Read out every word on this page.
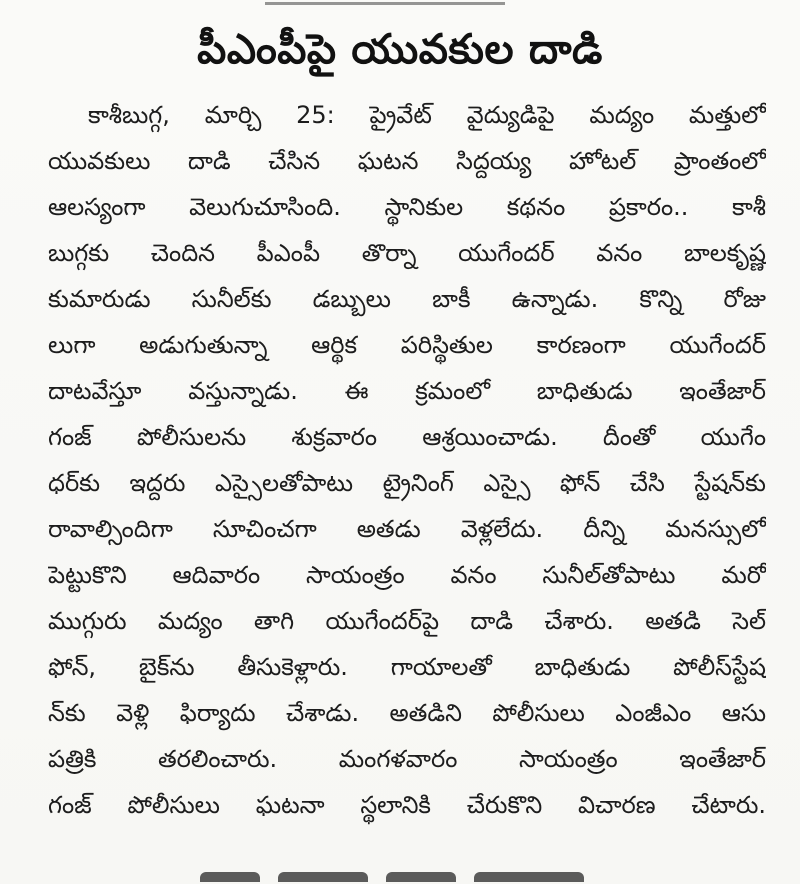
పీఎంపీపై యువకుల దాడి
కాశీబుగ్గ, మార్చి 25: ప్రైవేట్ వైద్యుడిపై మద్యం మత్తులో
యువకులు దాడి చేసిన ఘటన సిద్దయ్య హోటల్ ప్రాంతంలో
ఆలస్యంగా వెలుగుచూసింది. స్థానికుల కథనం ప్రకారం.. కాశీ
బుగ్గకు చెందిన పీఎంపీ తొర్నా యుగేందర్ వనం బాలకృష్ణ
కుమారుడు సునీల్‌కు డబ్బులు బాకీ ఉన్నాడు. కొన్ని రోజు
లుగా అడుగుతున్నా ఆర్థిక పరిస్థితుల కారణంగా యుగేందర్
దాటవేస్తూ వస్తున్నాడు. ఈ క్రమంలో బాధితుడు ఇంతేజార్
గంజ్ పోలీసులను శుక్రవారం ఆశ్రయించాడు. దీంతో యుగేం
ధర్‌కు ఇద్దరు ఎస్సైలతోపాటు ట్రైనింగ్ ఎస్సై ఫోన్ చేసి స్టేషన్‌కు
రావాల్సిందిగా సూచించగా అతడు వెళ్లలేదు. దీన్ని మనస్సులో
పెట్టుకొని ఆదివారం సాయంత్రం వనం సునీల్‌తోపాటు మరో
ముగ్గురు మద్యం తాగి యుగేందర్‌పై దాడి చేశారు. అతడి సెల్
ఫోన్, బైక్‌ను తీసుకెళ్లారు. గాయాలతో బాధితుడు పోలీస్‌స్టేష
న్‌కు వెళ్లి ఫిర్యాదు చేశాడు. అతడిని పోలీసులు ఎంజీఎం ఆసు
పత్రికి తరలించారు. మంగళవారం సాయంత్రం ఇంతేజార్
గంజ్ పోలీసులు ఘటనా స్థలానికి చేరుకొని విచారణ చేటారు.
